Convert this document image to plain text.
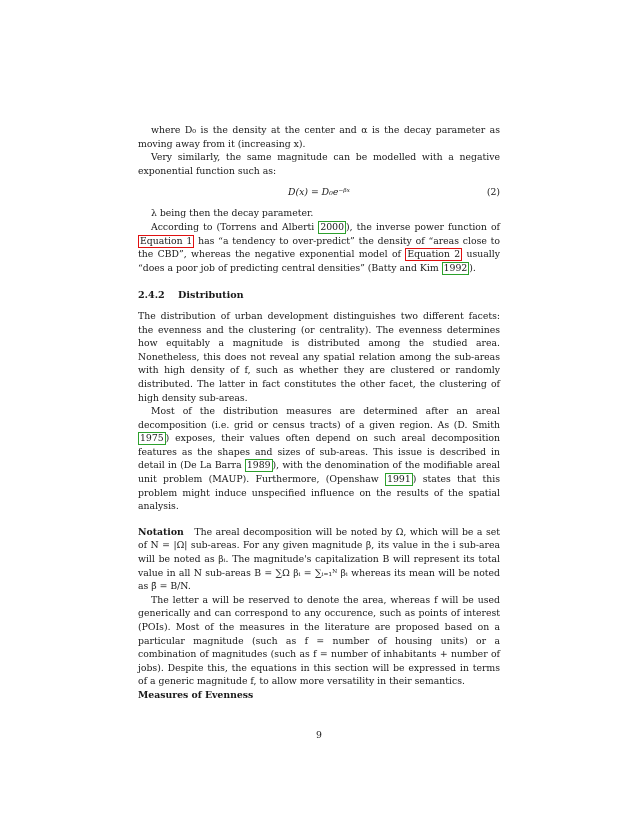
where D₀ is the density at the center and α is the decay parameter as moving away from it (increasing x).

Very similarly, the same magnitude can be modelled with a negative exponential function such as:

D(x) = D₀e⁻ᵝˣ	(2)

λ being then the decay parameter.

According to (Torrens and Alberti 2000 ), the inverse power function of Equation 1 has “a tendency to over-predict” the density of “areas close to the CBD”, whereas the negative exponential model of Equation 2 usually “does a poor job of predicting central densities” (Batty and Kim 1992 ).

2.4.2 Distribution

The distribution of urban development distinguishes two different facets: the evenness and the clustering (or centrality). The evenness determines how equitably a magnitude is distributed among the studied area. Nonetheless, this does not reveal any spatial relation among the sub-areas with high density of f, such as whether they are clustered or randomly distributed. The latter in fact constitutes the other facet, the clustering of high density sub-areas.

Most of the distribution measures are determined after an areal decomposition (i.e. grid or census tracts) of a given region. As (D. Smith 1975 ) exposes, their values often depend on such areal decomposition features as the shapes and sizes of sub-areas. This issue is described in detail in (De La Barra 1989 ), with the denomination of the modifiable areal unit problem (MAUP). Furthermore, (Openshaw 1991 ) states that this problem might induce unspecified influence on the results of the spatial analysis.

Notation The areal decomposition will be noted by Ω, which will be a set of N = |Ω| sub-areas. For any given magnitude β, its value in the i sub-area will be noted as βᵢ. The magnitude's capitalization B will represent its total value in all N sub-areas B = ∑Ω βᵢ = ∑ᵢ₌₁ᴺ βᵢ whereas its mean will be noted as β̄ = B/N.

The letter a will be reserved to denote the area, whereas f will be used generically and can correspond to any occurence, such as points of interest (POIs). Most of the measures in the literature are proposed based on a particular magnitude (such as f = number of housing units) or a combination of magnitudes (such as f = number of inhabitants + number of jobs). Despite this, the equations in this section will be expressed in terms of a generic magnitude f, to allow more versatility in their semantics.

Measures of Evenness

9
